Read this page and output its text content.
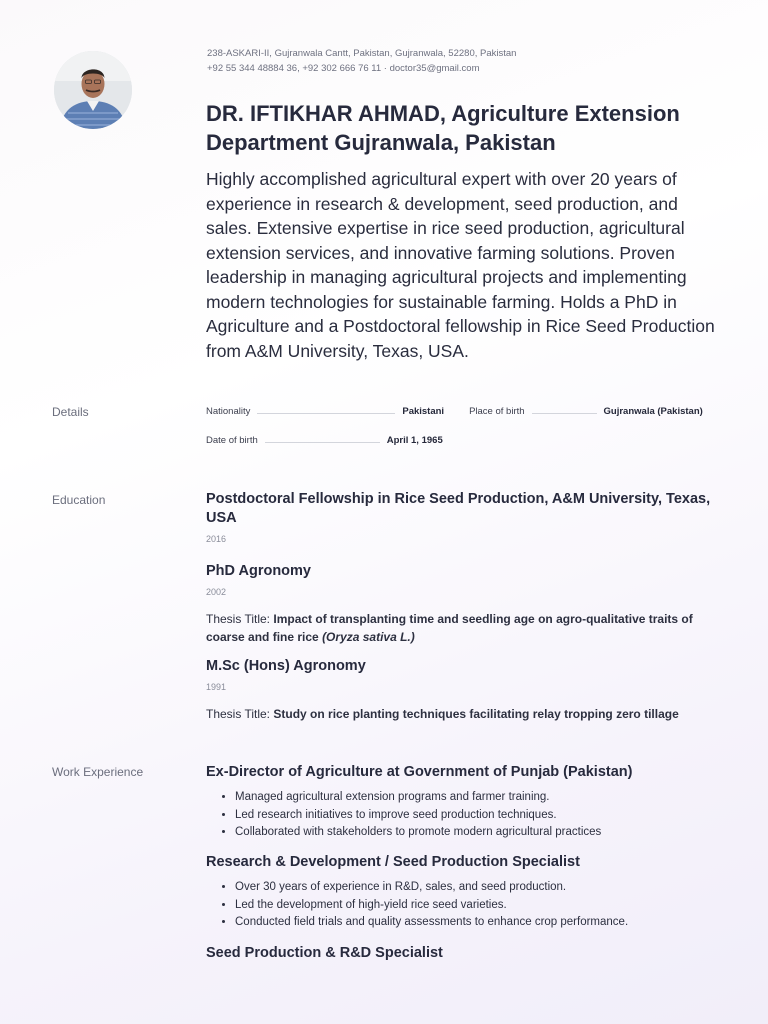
238-ASKARI-II, Gujranwala Cantt, Pakistan, Gujranwala, 52280, Pakistan
+92 55 344 48884 36, +92 302 666 76 11 · doctor35@gmail.com
DR. IFTIKHAR AHMAD, Agriculture Extension Department Gujranwala, Pakistan

Highly accomplished agricultural expert with over 20 years of experience in research & development, seed production, and sales. Extensive expertise in rice seed production, agricultural extension services, and innovative farming solutions. Proven leadership in managing agricultural projects and implementing modern technologies for sustainable farming. Holds a PhD in Agriculture and a Postdoctoral fellowship in Rice Seed Production from A&M University, Texas, USA.

Details	Nationality	Pakistani	Place of birth	Gujranwala (Pakistan)
Date of birth	April 1, 1965
Education	Postdoctoral Fellowship in Rice Seed Production, A&M University, Texas, USA
2016
PhD Agronomy
2002
Thesis Title: Impact of transplanting time and seedling age on agro-qualitative traits of coarse and fine rice (Oryza sativa L.)
M.Sc (Hons) Agronomy
1991
Thesis Title: Study on rice planting techniques facilitating relay tropping zero tillage
Work Experience	Ex-Director of Agriculture at Government of Punjab (Pakistan)
• Managed agricultural extension programs and farmer training.
• Led research initiatives to improve seed production techniques.
• Collaborated with stakeholders to promote modern agricultural practices
Research & Development / Seed Production Specialist
• Over 30 years of experience in R&D, sales, and seed production.
• Led the development of high-yield rice seed varieties.
• Conducted field trials and quality assessments to enhance crop performance.
Seed Production & R&D Specialist
